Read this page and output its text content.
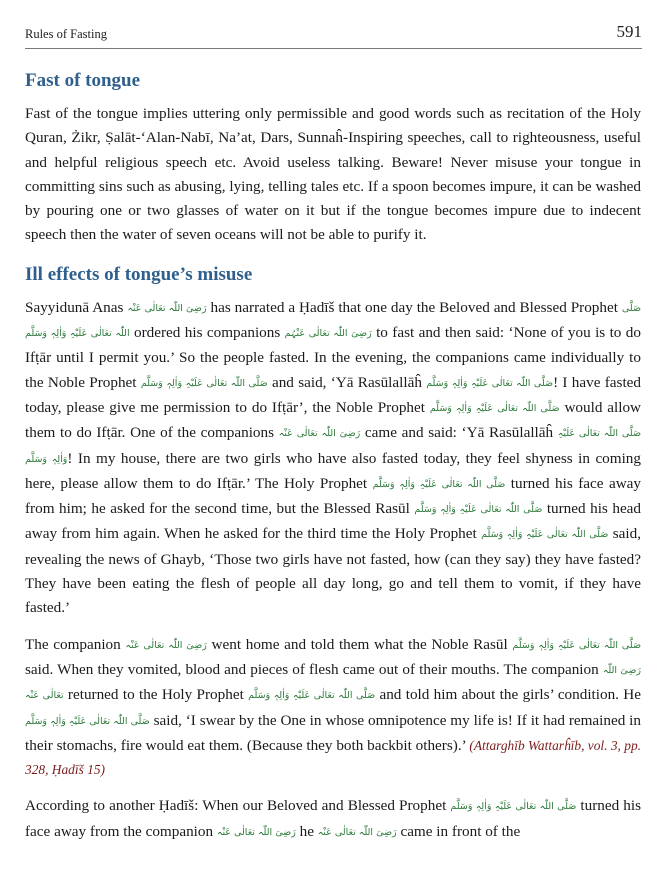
Rules of Fasting	591
Fast of tongue

Fast of the tongue implies uttering only permissible and good words such as recitation of the Holy Quran, Żikr, Ṣalāt-‘Alan-Nabī, Na’at, Dars, Sunnaĥ-Inspiring speeches, call to righteousness, useful and helpful religious speech etc. Avoid useless talking. Beware! Never misuse your tongue in committing sins such as abusing, lying, telling tales etc. If a spoon becomes impure, it can be washed by pouring one or two glasses of water on it but if the tongue becomes impure due to indecent speech then the water of seven oceans will not be able to purify it.

Ill effects of tongue’s misuse

Sayyidunā Anas رَضِیَ اللّٰہ تعَالٰی عَنْہ has narrated a Ḥadīš that one day the Beloved and Blessed Prophet صَلَّی اللّٰہ تعَالٰی عَلَیْہِ وَاٰلِہٖ وَسَلَّم ordered his companions رَضِیَ اللّٰہ تعَالٰی عَنْہُم to fast and then said: ‘None of you is to do Ifṭār until I permit you.’ So the people fasted. In the evening, the companions came individually to the Noble Prophet صَلَّی اللّٰہ تعَالٰی عَلَیْہِ وَاٰلِہٖ وَسَلَّم and said, ‘Yā Rasūlallāĥ صَلَّی اللّٰہ تعَالٰی عَلَیْہِ وَاٰلِہٖ وَسَلَّم! I have fasted today, please give me permission to do Ifṭār’, the Noble Prophet صَلَّی اللّٰہ تعَالٰی عَلَیْہِ وَاٰلِہٖ وَسَلَّم would allow them to do Ifṭār. One of the companions رَضِیَ اللّٰہ تعَالٰی عَنْہ came and said: ‘Yā Rasūlallāĥ صَلَّی اللّٰہ تعَالٰی عَلَیْہِ وَاٰلِہٖ وَسَلَّم! In my house, there are two girls who have also fasted today, they feel shyness in coming here, please allow them to do Ifṭār.’ The Holy Prophet صَلَّی اللّٰہ تعَالٰی عَلَیْہِ وَاٰلِہٖ وَسَلَّم turned his face away from him; he asked for the second time, but the Blessed Rasūl صَلَّی اللّٰہ تعَالٰی عَلَیْہِ وَاٰلِہٖ وَسَلَّم turned his head away from him again. When he asked for the third time the Holy Prophet صَلَّی اللّٰہ تعَالٰی عَلَیْہِ وَاٰلِہٖ وَسَلَّم said, revealing the news of Ghayb, ‘Those two girls have not fasted, how (can they say) they have fasted? They have been eating the flesh of people all day long, go and tell them to vomit, if they have fasted.’

The companion رَضِیَ اللّٰہ تعَالٰی عَنْہ went home and told them what the Noble Rasūl صَلَّی اللّٰہ تعَالٰی عَلَیْہِ وَاٰلِہٖ وَسَلَّم said. When they vomited, blood and pieces of flesh came out of their mouths. The companion رَضِیَ اللّٰہ تعَالٰی عَنْہ returned to the Holy Prophet صَلَّی اللّٰہ تعَالٰی عَلَیْہِ وَاٰلِہٖ وَسَلَّم and told him about the girls’ condition. He صَلَّی اللّٰہ تعَالٰی عَلَیْہِ وَاٰلِہٖ وَسَلَّم said, ‘I swear by the One in whose omnipotence my life is! If it had remained in their stomachs, fire would eat them. (Because they both backbit others).’ (Attarghīb Wattarĥīb, vol. 3, pp. 328, Ḥadīš 15)

According to another Ḥadīš: When our Beloved and Blessed Prophet صَلَّی اللّٰہ تعَالٰی عَلَیْہِ وَاٰلِہٖ وَسَلَّم turned his face away from the companion رَضِیَ اللّٰہ تعَالٰی عَنْہ he رَضِیَ اللّٰہ تعَالٰی عَنْہ came in front of the
